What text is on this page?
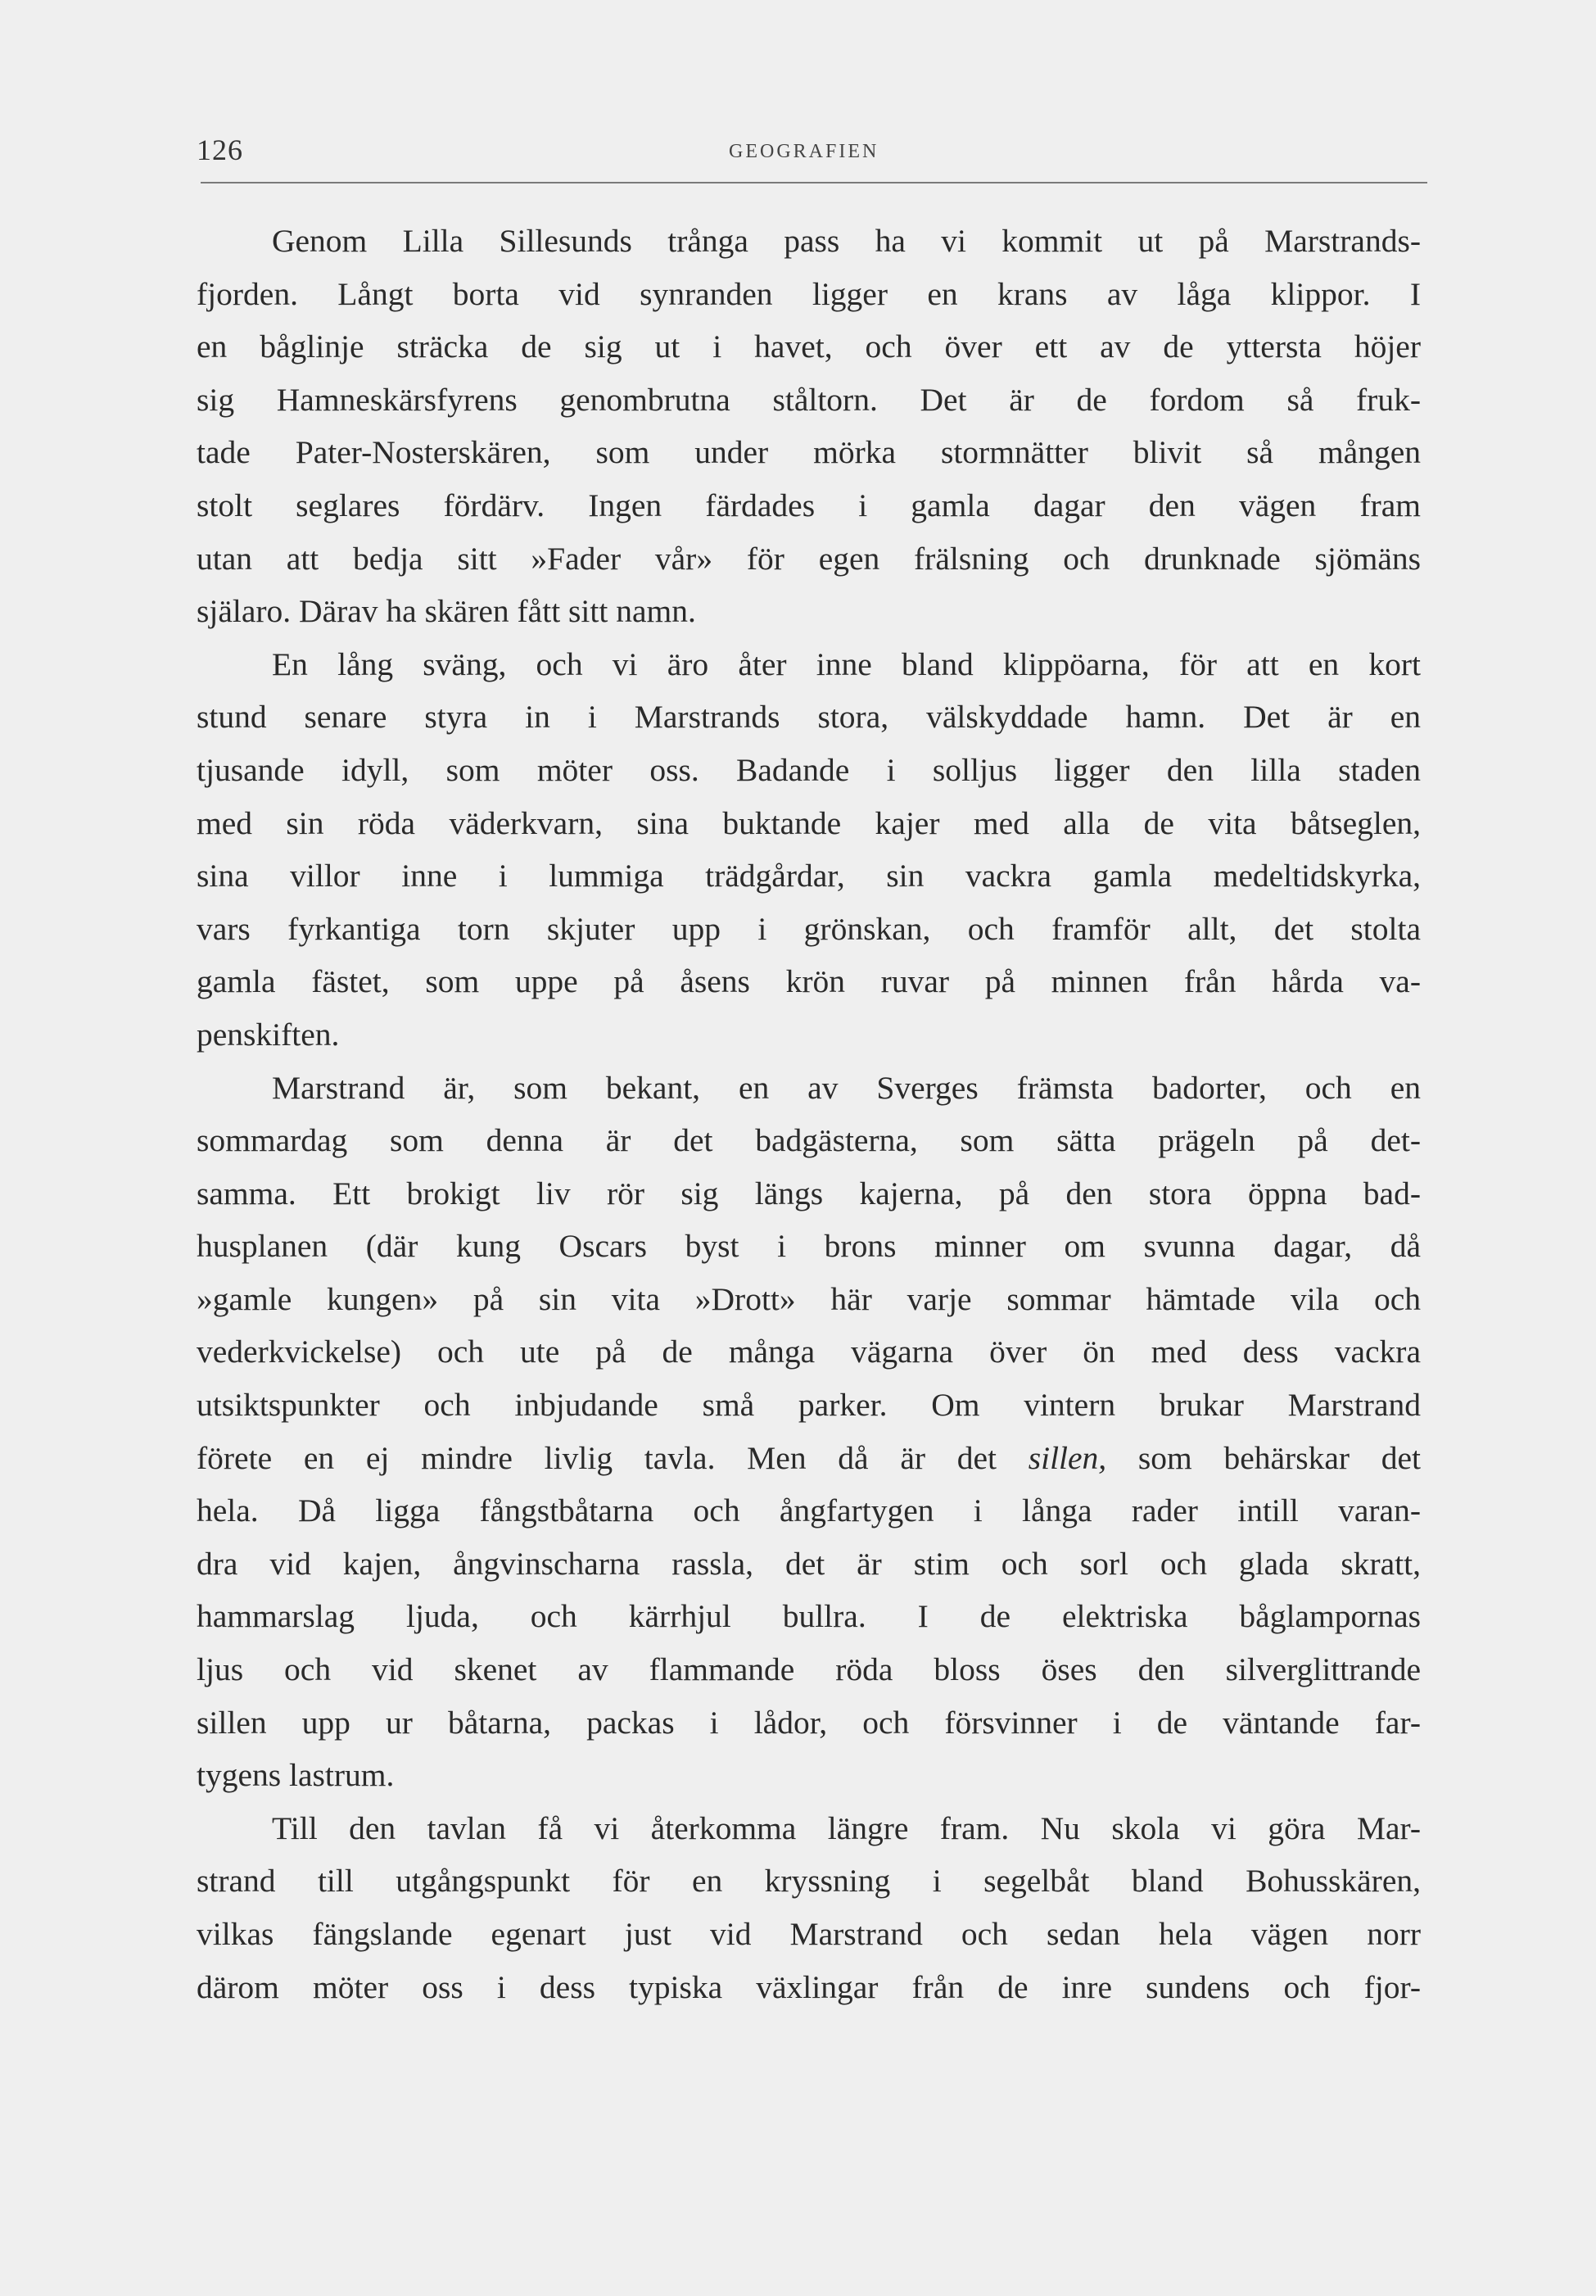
126	GEOGRAFIEN
Genom Lilla Sillesunds trånga pass ha vi kommit ut på Marstrands-
fjorden. Långt borta vid synranden ligger en krans av låga klippor. I
en båglinje sträcka de sig ut i havet, och över ett av de yttersta höjer
sig Hamneskärsfyrens genombrutna ståltorn. Det är de fordom så fruk-
tade Pater-Nosterskären, som under mörka stormnätter blivit så mången
stolt seglares fördärv. Ingen färdades i gamla dagar den vägen fram
utan att bedja sitt »Fader vår» för egen frälsning och drunknade sjömäns
själaro. Därav ha skären fått sitt namn.
En lång sväng, och vi äro åter inne bland klippöarna, för att en kort
stund senare styra in i Marstrands stora, välskyddade hamn. Det är en
tjusande idyll, som möter oss. Badande i solljus ligger den lilla staden
med sin röda väderkvarn, sina buktande kajer med alla de vita båtseglen,
sina villor inne i lummiga trädgårdar, sin vackra gamla medeltidskyrka,
vars fyrkantiga torn skjuter upp i grönskan, och framför allt, det stolta
gamla fästet, som uppe på åsens krön ruvar på minnen från hårda va-
penskiften.
Marstrand är, som bekant, en av Sverges främsta badorter, och en
sommardag som denna är det badgästerna, som sätta prägeln på det-
samma. Ett brokigt liv rör sig längs kajerna, på den stora öppna bad-
husplanen (där kung Oscars byst i brons minner om svunna dagar, då
»gamle kungen» på sin vita »Drott» här varje sommar hämtade vila och
vederkvickelse) och ute på de många vägarna över ön med dess vackra
utsiktspunkter och inbjudande små parker. Om vintern brukar Marstrand
förete en ej mindre livlig tavla. Men då är det sillen, som behärskar det
hela. Då ligga fångstbåtarna och ångfartygen i långa rader intill varan-
dra vid kajen, ångvinscharna rassla, det är stim och sorl och glada skratt,
hammarslag ljuda, och kärrhjul bullra. I de elektriska båglampornas
ljus och vid skenet av flammande röda bloss öses den silverglittrande
sillen upp ur båtarna, packas i lådor, och försvinner i de väntande far-
tygens lastrum.
Till den tavlan få vi återkomma längre fram. Nu skola vi göra Mar-
strand till utgångspunkt för en kryssning i segelbåt bland Bohusskären,
vilkas fängslande egenart just vid Marstrand och sedan hela vägen norr
därom möter oss i dess typiska växlingar från de inre sundens och fjor-
